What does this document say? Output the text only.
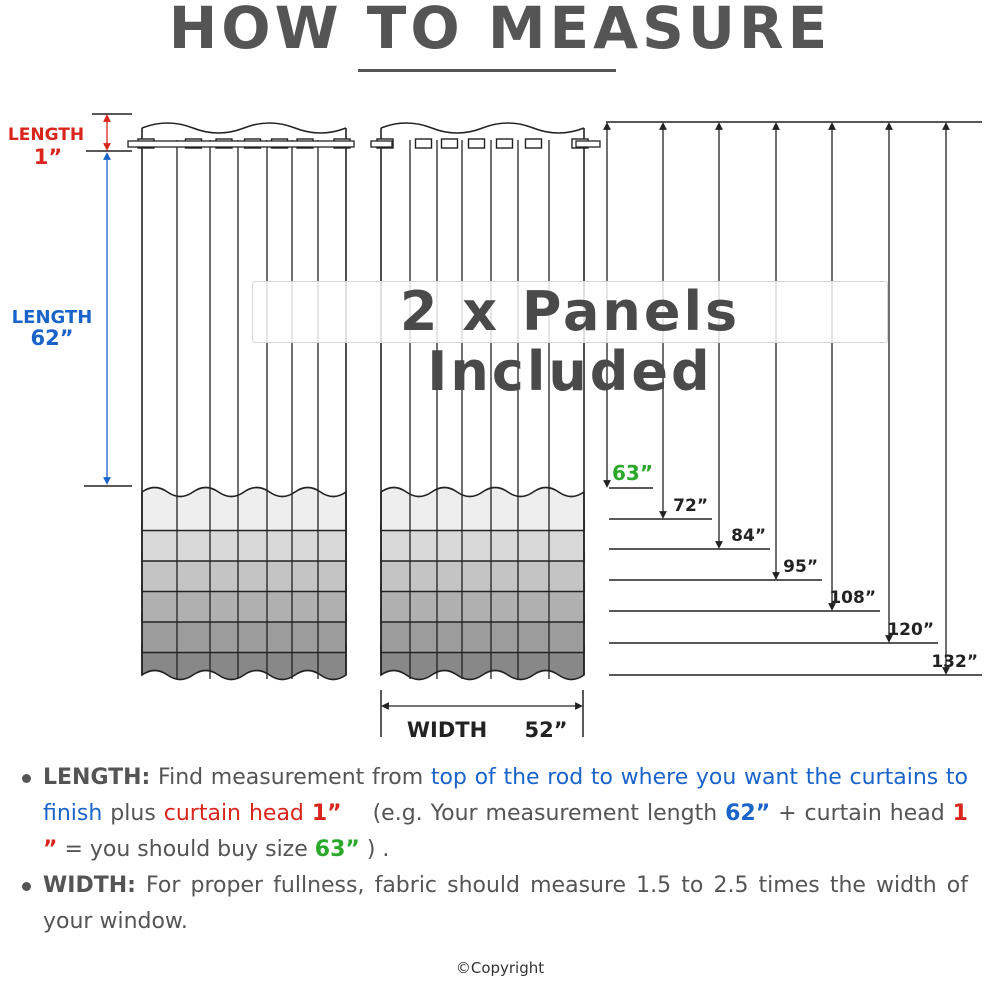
HOW TO MEASURE
LENGTH
1”
LENGTH
62”
WIDTH 52”
63”
72”
84”
95”
108”
120”
132”
2 x Panels Included
LENGTH: Find measurement from top of the rod to where you want the curtains to finish plus curtain head 1” 　(e.g. Your measurement length 62” + curtain head 1 ” = you should buy size 63” ) .
WIDTH: For proper fullness, fabric should measure 1.5 to 2.5 times the width of your window.
©Copyright
